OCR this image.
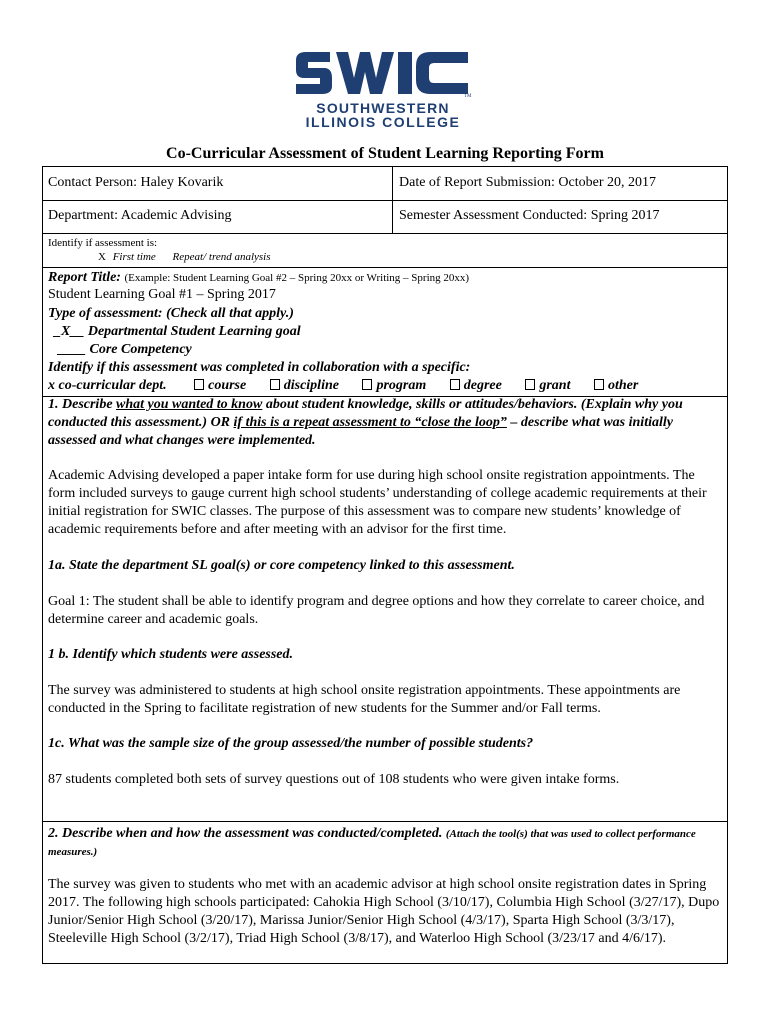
SOUTHWESTERN
TM
ILLINOIS COLLEGE
Co-Curricular Assessment of Student Learning Reporting Form
Contact Person: Haley Kovarik	Date of Report Submission: October 20, 2017
Department: Academic Advising	Semester Assessment Conducted: Spring 2017
Identify if assessment is:
X First time Repeat/ trend analysis
Report Title: (Example: Student Learning Goal #2 – Spring 20xx or Writing – Spring 20xx)
Student Learning Goal #1 – Spring 2017
Type of assessment: (Check all that apply.)
_X__ Departmental Student Learning goal
____ Core Competency
Identify if this assessment was completed in collaboration with a specific:
x co-curricular dept.	course	discipline	program	degree	grant	other
1. Describe what you wanted to know about student knowledge, skills or attitudes/behaviors. (Explain why you conducted this assessment.) OR if this is a repeat assessment to “close the loop” – describe what was initially assessed and what changes were implemented.
Academic Advising developed a paper intake form for use during high school onsite registration appointments. The form included surveys to gauge current high school students’ understanding of college academic requirements at their initial registration for SWIC classes. The purpose of this assessment was to compare new students’ knowledge of academic requirements before and after meeting with an advisor for the first time.
1a. State the department SL goal(s) or core competency linked to this assessment.
Goal 1: The student shall be able to identify program and degree options and how they correlate to career choice, and determine career and academic goals.
1 b. Identify which students were assessed.
The survey was administered to students at high school onsite registration appointments. These appointments are conducted in the Spring to facilitate registration of new students for the Summer and/or Fall terms.
1c. What was the sample size of the group assessed/the number of possible students?
87 students completed both sets of survey questions out of 108 students who were given intake forms.
2. Describe when and how the assessment was conducted/completed. (Attach the tool(s) that was used to collect performance measures.)
The survey was given to students who met with an academic advisor at high school onsite registration dates in Spring 2017. The following high schools participated: Cahokia High School (3/10/17), Columbia High School (3/27/17), Dupo Junior/Senior High School (3/20/17), Marissa Junior/Senior High School (4/3/17), Sparta High School (3/3/17), Steeleville High School (3/2/17), Triad High School (3/8/17), and Waterloo High School (3/23/17 and 4/6/17).
